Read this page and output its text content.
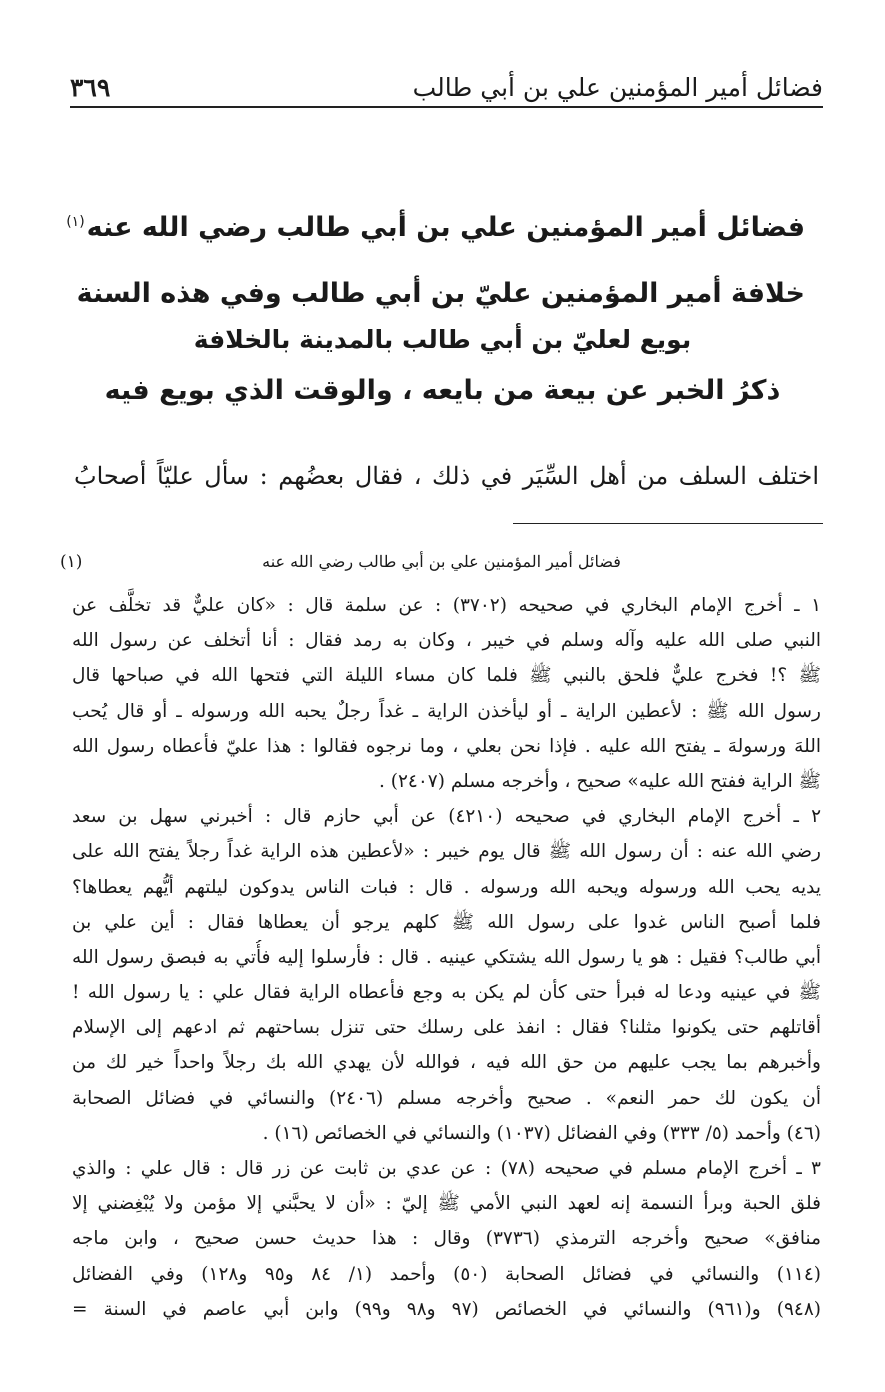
فضائل أمير المؤمنين علي بن أبي طالب
٣٦٩
فضائل أمير المؤمنين علي بن أبي طالب رضي الله عنه$^{(١)}$
خلافة أمير المؤمنين عليّ بن أبي طالب وفي هذه السنة
بويع لعليّ بن أبي طالب بالمدينة بالخلافة
ذكرُ الخبر عن بيعة من بايعه ، والوقت الذي بويع فيه
اختلف السلف من أهل السِّيَر في ذلك ، فقال بعضُهم : سأل عليّاً أصحابُ
(١)	فضائل أمير المؤمنين علي بن أبي طالب رضي الله عنه
١ ـ أخرج الإمام البخاري في صحيحه (٣٧٠٢) : عن سلمة قال : «كان عليٌّ قد تخلَّف عن
النبي صلى الله عليه وآله وسلم في خيبر ، وكان به رمد فقال : أنا أتخلف عن رسول الله
ﷺ ؟! فخرج عليٌّ فلحق بالنبي ﷺ فلما كان مساء الليلة التي فتحها الله في صباحها قال
رسول الله ﷺ : لأعطين الراية ـ أو ليأخذن الراية ـ غداً رجلٌ يحبه الله ورسوله ـ أو قال يُحب
اللهَ ورسولهَ ـ يفتح الله عليه . فإذا نحن بعلي ، وما نرجوه فقالوا : هذا عليّ فأعطاه رسول الله
ﷺ الراية ففتح الله عليه» صحيح ، وأخرجه مسلم (٢٤٠٧) .
٢ ـ أخرج الإمام البخاري في صحيحه (٤٢١٠) عن أبي حازم قال : أخبرني سهل بن سعد
رضي الله عنه : أن رسول الله ﷺ قال يوم خيبر : «لأعطين هذه الراية غداً رجلاً يفتح الله على
يديه يحب الله ورسوله ويحبه الله ورسوله . قال : فبات الناس يدوكون ليلتهم أيُّهم يعطاها؟
فلما أصبح الناس غدوا على رسول الله ﷺ كلهم يرجو أن يعطاها فقال : أين علي بن
أبي طالب؟ فقيل : هو يا رسول الله يشتكي عينيه . قال : فأرسلوا إليه فأُتي به فبصق رسول الله
ﷺ في عينيه ودعا له فبرأ حتى كأن لم يكن به وجع فأعطاه الراية فقال علي : يا رسول الله !
أقاتلهم حتى يكونوا مثلنا؟ فقال : انفذ على رسلك حتى تنزل بساحتهم ثم ادعهم إلى الإسلام
وأخبرهم بما يجب عليهم من حق الله فيه ، فوالله لأن يهدي الله بك رجلاً واحداً خير لك من
أن يكون لك حمر النعم» . صحيح وأخرجه مسلم (٢٤٠٦) والنسائي في فضائل الصحابة
(٤٦) وأحمد (٥/ ٣٣٣) وفي الفضائل (١٠٣٧) والنسائي في الخصائص (١٦) .
٣ ـ أخرج الإمام مسلم في صحيحه (٧٨) : عن عدي بن ثابت عن زر قال : قال علي : والذي
فلق الحبة وبرأ النسمة إنه لعهد النبي الأمي ﷺ إليّ : «أن لا يحبَّني إلا مؤمن ولا يُبْغِضني إلا
منافق» صحيح وأخرجه الترمذي (٣٧٣٦) وقال : هذا حديث حسن صحيح ، وابن ماجه
(١١٤) والنسائي في فضائل الصحابة (٥٠) وأحمد (١/ ٨٤ و٩٥ و١٢٨) وفي الفضائل
(٩٤٨) و(٩٦١) والنسائي في الخصائص (٩٧ و٩٨ و٩٩) وابن أبي عاصم في السنة =
